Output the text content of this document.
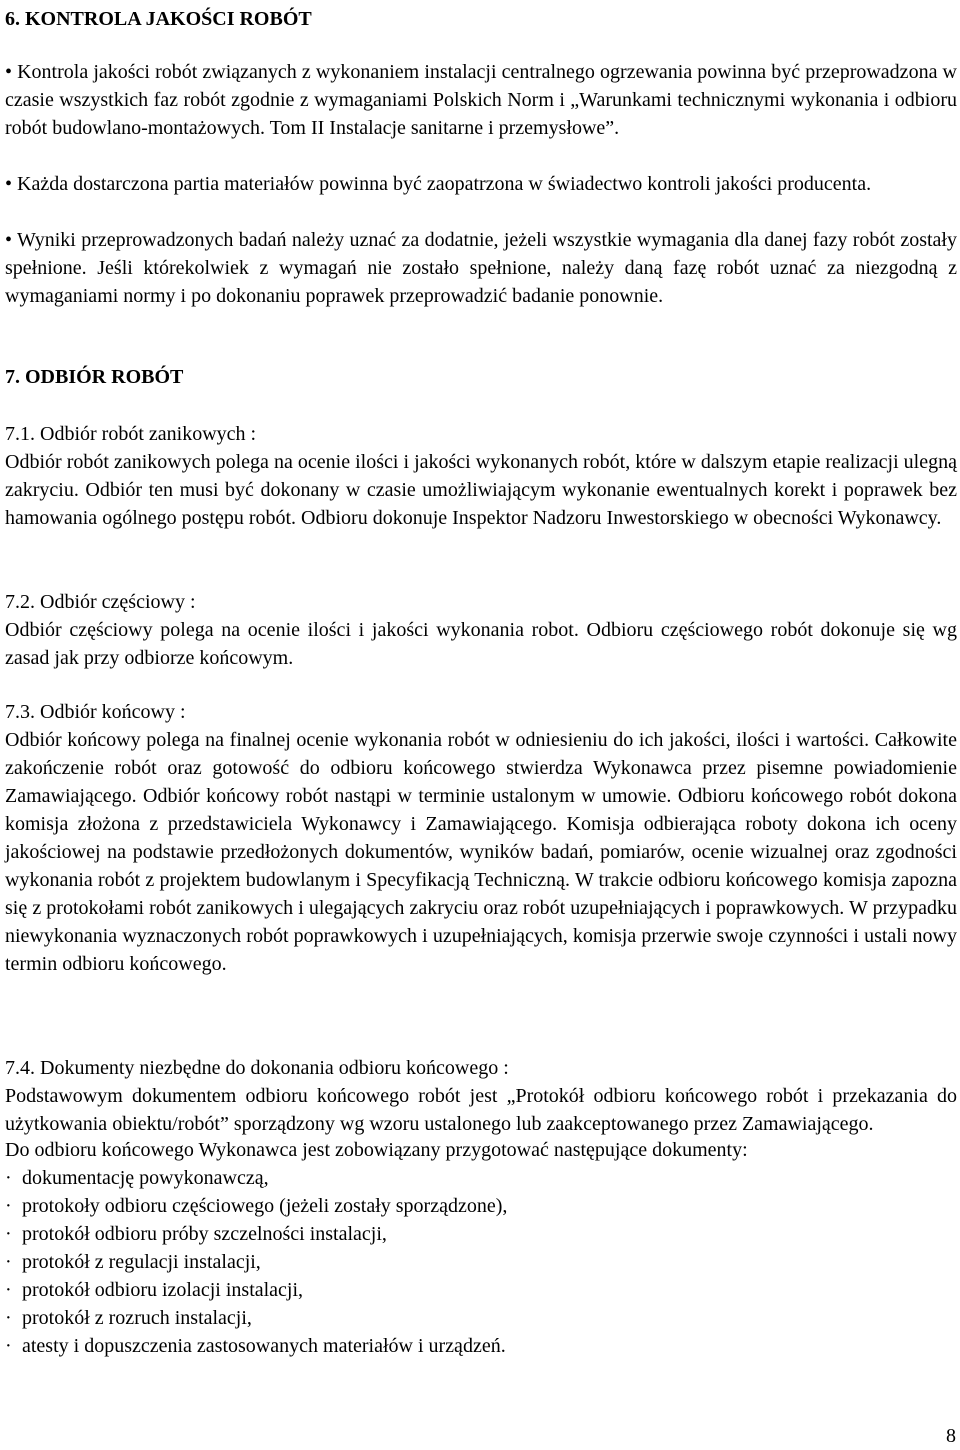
6. KONTROLA JAKOŚCI ROBÓT

• Kontrola jakości robót związanych z wykonaniem instalacji centralnego ogrzewania powinna być przeprowadzona w czasie wszystkich faz robót zgodnie z wymaganiami Polskich Norm i „Warunkami technicznymi wykonania i odbioru robót budowlano-montażowych. Tom II Instalacje sanitarne i przemysłowe”.

• Każda dostarczona partia materiałów powinna być zaopatrzona w świadectwo kontroli jakości producenta.

• Wyniki przeprowadzonych badań należy uznać za dodatnie, jeżeli wszystkie wymagania dla danej fazy robót zostały spełnione. Jeśli którekolwiek z wymagań nie zostało spełnione, należy daną fazę robót uznać za niezgodną z wymaganiami normy i po dokonaniu poprawek przeprowadzić badanie ponownie.

7. ODBIÓR ROBÓT

7.1. Odbiór robót zanikowych :

Odbiór robót zanikowych polega na ocenie ilości i jakości wykonanych robót, które w dalszym etapie realizacji ulegną zakryciu. Odbiór ten musi być dokonany w czasie umożliwiającym wykonanie ewentualnych korekt i poprawek bez hamowania ogólnego postępu robót. Odbioru dokonuje Inspektor Nadzoru Inwestorskiego w obecności Wykonawcy.

7.2. Odbiór częściowy :

Odbiór częściowy polega na ocenie ilości i jakości wykonania robot. Odbioru częściowego robót dokonuje się wg zasad jak przy odbiorze końcowym.

7.3. Odbiór końcowy :

Odbiór końcowy polega na finalnej ocenie wykonania robót w odniesieniu do ich jakości, ilości i wartości. Całkowite zakończenie robót oraz gotowość do odbioru końcowego stwierdza Wykonawca przez pisemne powiadomienie Zamawiającego. Odbiór końcowy robót nastąpi w terminie ustalonym w umowie. Odbioru końcowego robót dokona komisja złożona z przedstawiciela Wykonawcy i Zamawiającego. Komisja odbierająca roboty dokona ich oceny jakościowej na podstawie przedłożonych dokumentów, wyników badań, pomiarów, ocenie wizualnej oraz zgodności wykonania robót z projektem budowlanym i Specyfikacją Techniczną. W trakcie odbioru końcowego komisja zapozna się z protokołami robót zanikowych i ulegających zakryciu oraz robót uzupełniających i poprawkowych. W przypadku niewykonania wyznaczonych robót poprawkowych i uzupełniających, komisja przerwie swoje czynności i ustali nowy termin odbioru końcowego.

7.4. Dokumenty niezbędne do dokonania odbioru końcowego :

Podstawowym dokumentem odbioru końcowego robót jest „Protokół odbioru końcowego robót i przekazania do użytkowania obiektu/robót” sporządzony wg wzoru ustalonego lub zaakceptowanego przez Zamawiającego.

Do odbioru końcowego Wykonawca jest zobowiązany przygotować następujące dokumenty:

· dokumentację powykonawczą,
· protokoły odbioru częściowego (jeżeli zostały sporządzone),
· protokół odbioru próby szczelności instalacji,
· protokół z regulacji instalacji,
· protokół odbioru izolacji instalacji,
· protokół z rozruch instalacji,
· atesty i dopuszczenia zastosowanych materiałów i urządzeń.
8
